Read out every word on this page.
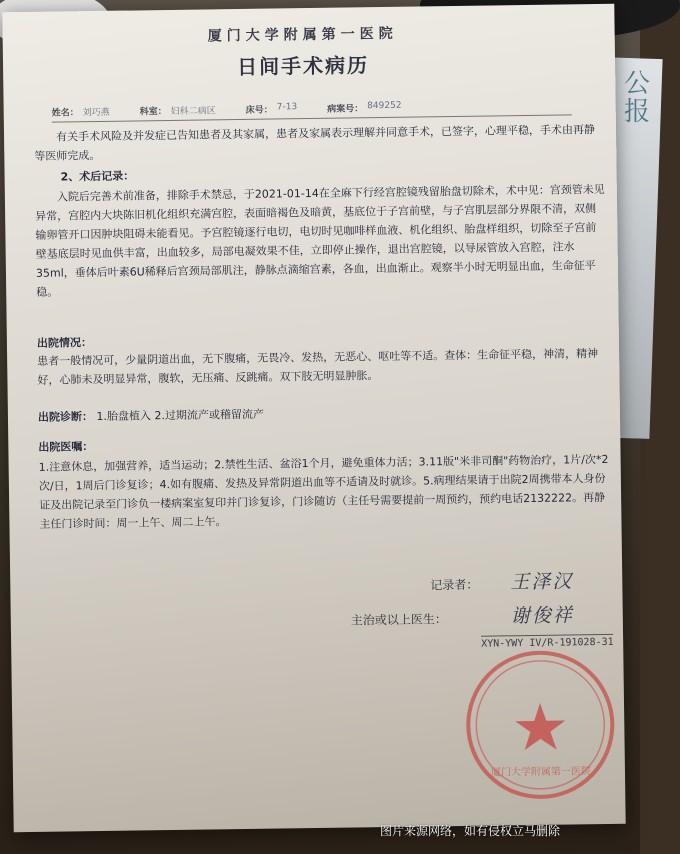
公报
厦门大学附属第一医院
日间手术病历
姓名： 刘巧燕	科室： 妇科二病区	床号： 7-13	病案号： 849252
有关手术风险及并发症已告知患者及其家属，患者及家属表示理解并同意手术，已签字，心理平稳，手术由再静等医师完成。
2、术后记录：
入院后完善术前准备，排除手术禁忌，于2021-01-14在全麻下行经宫腔镜残留胎盘切除术，术中见：宫颈管未见异常，宫腔内大块陈旧机化组织充满宫腔，表面暗褐色及暗黄，基底位于子宫前壁，与子宫肌层部分界限不清，双侧输卵管开口因肿块阻碍未能看见。予宫腔镜逐行电切，电切时见咖啡样血液、机化组织、胎盘样组织，切除至子宫前壁基底层时见血供丰富，出血较多，局部电凝效果不佳，立即停止操作，退出宫腔镜，以导尿管放入宫腔，注水35ml，垂体后叶素6U稀释后宫颈局部肌注，静脉点滴缩宫素，各血，出血渐止。观察半小时无明显出血，生命征平稳。
出院情况：
患者一般情况可，少量阴道出血，无下腹痛，无畏冷、发热，无恶心、呕吐等不适。查体：生命征平稳，神清，精神好，心肺未及明显异常，腹软，无压痛、反跳痛。双下肢无明显肿胀。
出院诊断： 1.胎盘植入 2.过期流产或稽留流产
出院医嘱：
1.注意休息，加强营养，适当运动；2.禁性生活、盆浴1个月，避免重体力活；3.11版"米非司酮"药物治疗，1片/次*2次/日，1周后门诊复诊；4.如有腹痛、发热及异常阴道出血等不适请及时就诊。5.病理结果请于出院2周携带本人身份证及出院记录至门诊负一楼病案室复印并门诊复诊，门诊随访（主任号需要提前一周预约，预约电话2132222。再静主任门诊时间：周一上午、周二上午。
记录者： 王泽汉
主治或以上医生：	谢俊祥
XYN-YWY IV/R-191028-31
厦门大学附属第一医院
图片来源网络，如有侵权立马删除
